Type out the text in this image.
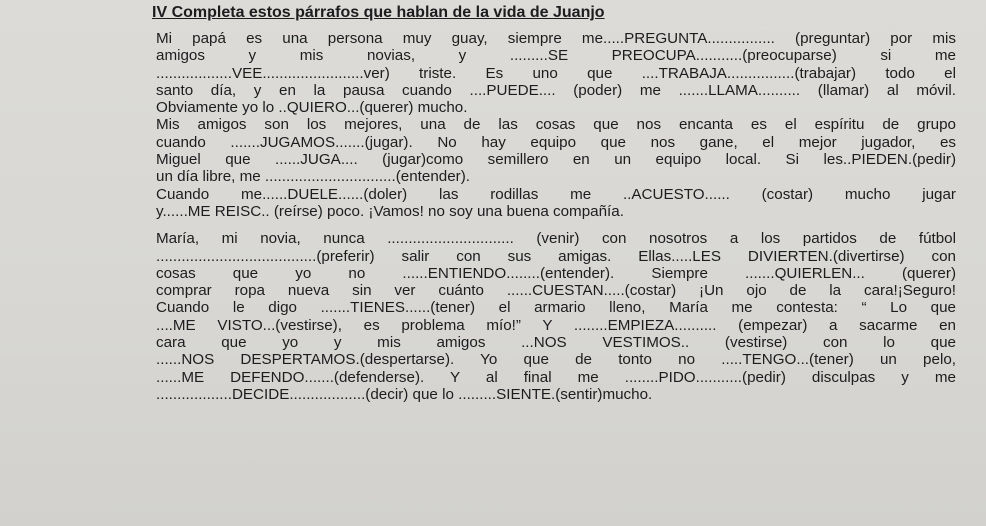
IV Completa estos párrafos que hablan de la vida de Juanjo
Mi papá es una persona muy guay, siempre me.....PREGUNTA................ (preguntar) por mis
amigos y mis novias, y .........SE PREOCUPA...........(preocuparse) si me
..................VEE........................ver) triste. Es uno que ....TRABAJA................(trabajar) todo el
santo día, y en la pausa cuando ....PUEDE.... (poder) me .......LLAMA.......... (llamar) al móvil.
Obviamente yo lo ..QUIERO...(querer) mucho.
Mis amigos son los mejores, una de las cosas que nos encanta es el espíritu de grupo
cuando .......JUGAMOS.......(jugar). No hay equipo que nos gane, el mejor jugador, es
Miguel que ......JUGA.... (jugar)como semillero en un equipo local. Si les..PIEDEN.(pedir)
un día libre, me ...............................(entender).
Cuando me......DUELE......(doler) las rodillas me ..ACUESTO...... (costar) mucho jugar
y......ME REISC.. (reírse) poco. ¡Vamos! no soy una buena compañía.
María, mi novia, nunca .............................. (venir) con nosotros a los partidos de fútbol
......................................(preferir) salir con sus amigas. Ellas.....LES DIVIERTEN.(divertirse) con
cosas que yo no ......ENTIENDO........(entender). Siempre .......QUIERLEN... (querer)
comprar ropa nueva sin ver cuánto ......CUESTAN.....(costar) ¡Un ojo de la cara!¡Seguro!
Cuando le digo .......TIENES......(tener) el armario lleno, María me contesta: “ Lo que
....ME VISTO...(vestirse), es problema mío!” Y ........EMPIEZA.......... (empezar) a sacarme en
cara que yo y mis amigos ...NOS VESTIMOS.. (vestirse) con lo que
......NOS DESPERTAMOS.(despertarse). Yo que de tonto no .....TENGO...(tener) un pelo,
......ME DEFENDO.......(defenderse). Y al final me ........PIDO...........(pedir) disculpas y me
..................DECIDE..................(decir) que lo .........SIENTE.(sentir)mucho.
